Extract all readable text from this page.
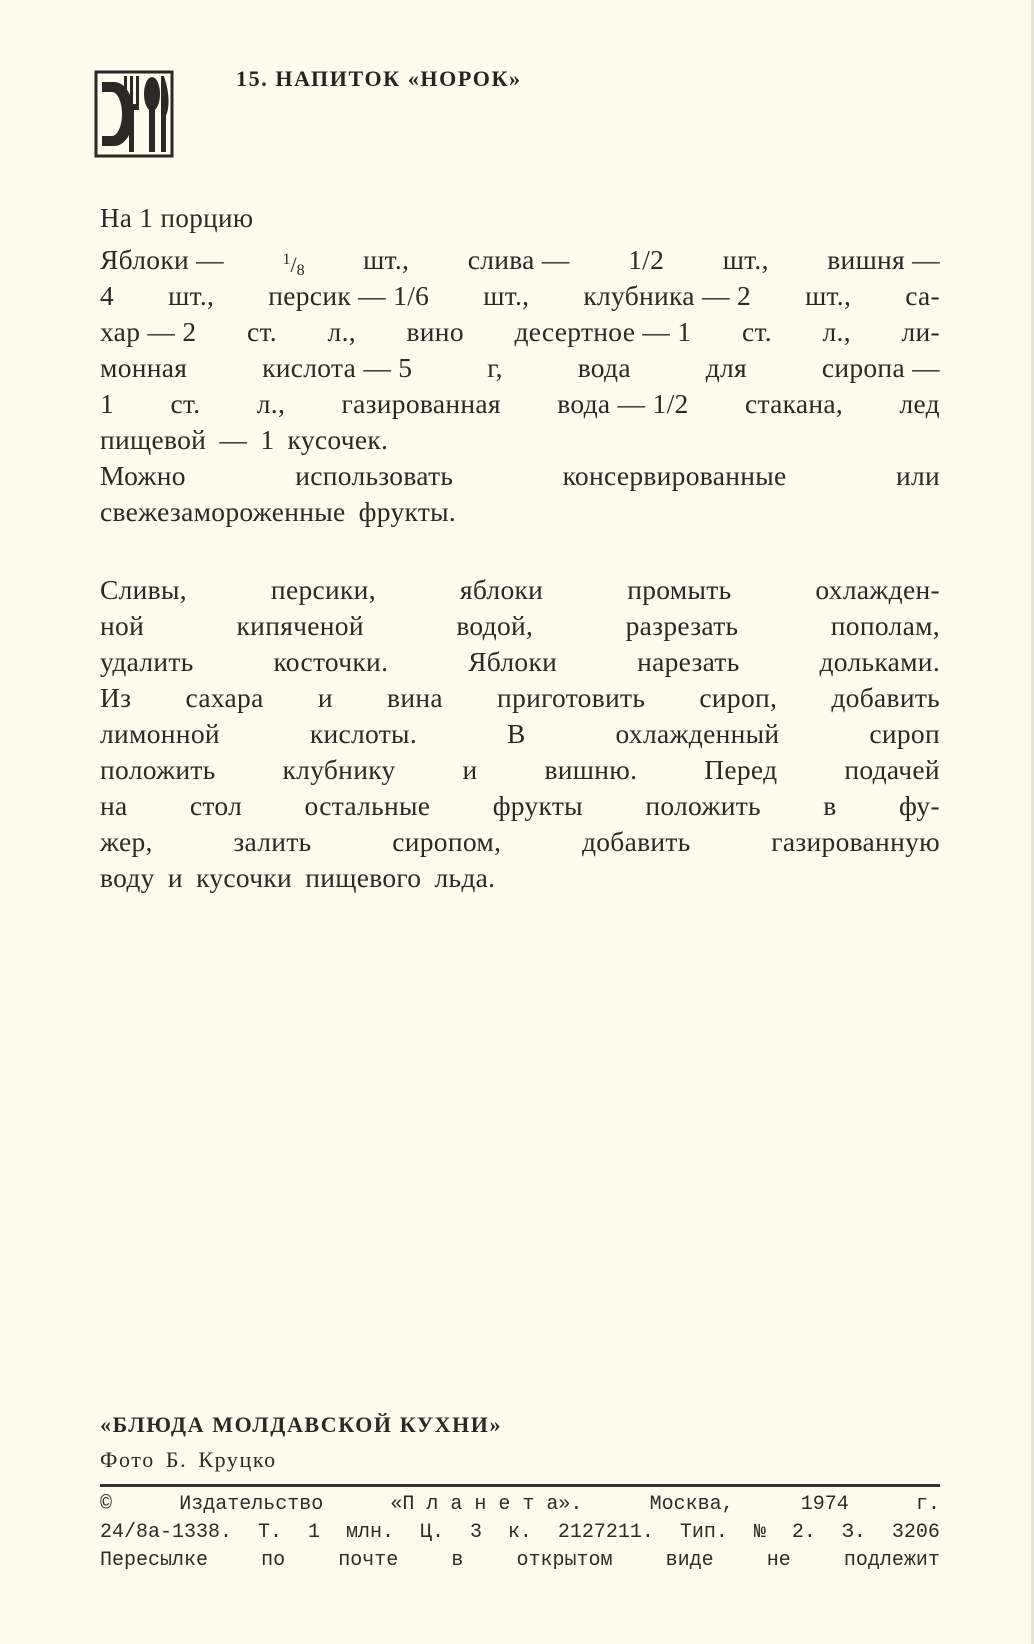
15. НАПИТОК «НОРОК»
На 1 порцию
Яблоки —	$^1/_8$ шт., слива — 1/2 шт., вишня —
4 шт., персик — 1/6 шт., клубника — 2 шт., са-
хар — 2 ст. л., вино десертное — 1 ст. л., ли-
монная	кислота — 5	г,	вода	для	сиропа —
1 ст. л., газированная вода — 1/2 стакана, лед
пищевой — 1 кусочек.
Можно	использовать	консервированные	или
свежезамороженные фрукты.
Сливы,	персики,	яблоки	промыть	охлажден-
ной	кипяченой	водой,	разрезать	пополам,
удалить	косточки.	Яблоки	нарезать	дольками.
Из сахара и вина приготовить сироп, добавить
лимонной	кислоты.	В	охлажденный	сироп
положить клубнику и вишню. Перед подачей
на стол остальные фрукты положить в фу-
жер,	залить	сиропом,	добавить	газированную
воду и кусочки пищевого льда.
«БЛЮДА МОЛДАВСКОЙ КУХНИ»
Фото Б. Круцко
©	Издательство	«П л а н е т а».	Москва,	1974	г.
24/8а-1338. Т. 1 млн. Ц. 3 к. 2127211. Тип. № 2. З. 3206
Пересылке	по	почте	в	открытом	виде	не	подлежит
